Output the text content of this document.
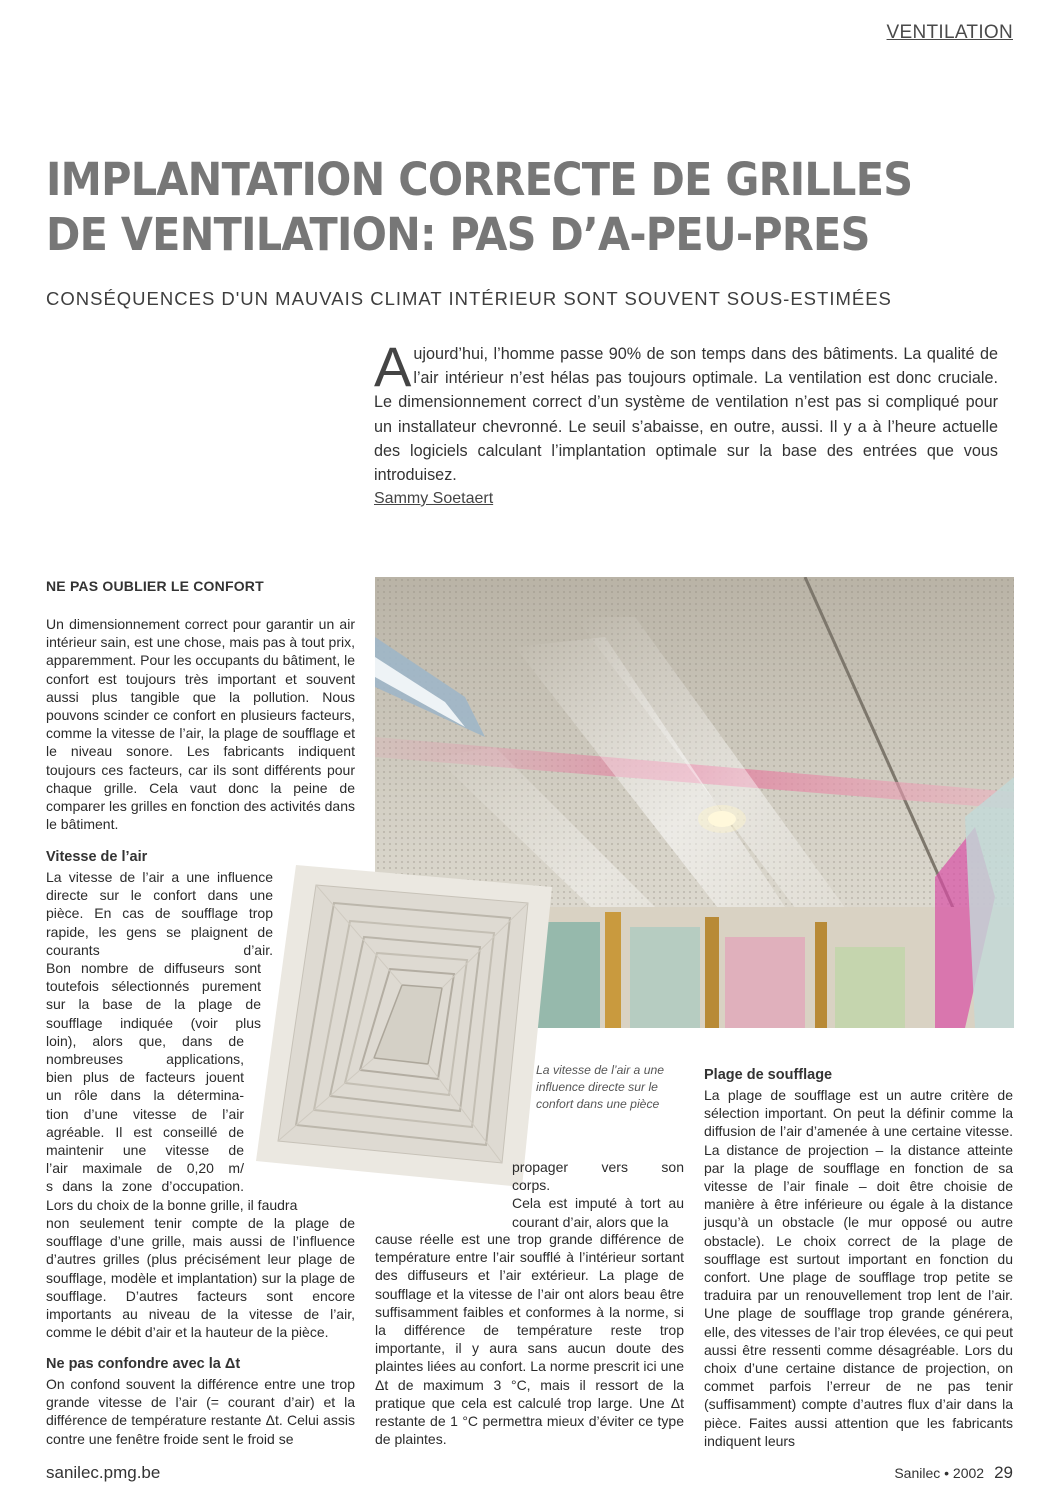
VENTILATION
IMPLANTATION CORRECTE DE GRILLES DE VENTILATION: PAS D’A-PEU-PRES
CONSÉQUENCES D'UN MAUVAIS CLIMAT INTÉRIEUR SONT SOUVENT SOUS-ESTIMÉES

Aujourd’hui, l’homme passe 90% de son temps dans des bâtiments. La qualité de l’air intérieur n’est hélas pas toujours optimale. La ventilation est donc cruciale. Le dimensionnement correct d’un système de ventilation n’est pas si compliqué pour un installateur chevronné. Le seuil s’abaisse, en outre, aussi. Il y a à l’heure actuelle des logiciels calculant l’implantation optimale sur la base des entrées que vous introduisez.

Sammy Soetaert
NE PAS OUBLIER LE CONFORT

Un dimensionnement correct pour garantir un air intérieur sain, est une chose, mais pas à tout prix, apparemment. Pour les occupants du bâtiment, le confort est toujours très important et souvent aussi plus tangible que la pollution. Nous pouvons scinder ce confort en plusieurs facteurs, comme la vitesse de l’air, la plage de soufflage et le niveau sonore. Les fabricants indiquent toujours ces facteurs, car ils sont différents pour chaque grille. Cela vaut donc la peine de comparer les grilles en fonction des activités dans le bâtiment.

Vitesse de l’air
La vitesse de l’air a une influence
directe sur le confort dans une
pièce. En cas de soufflage trop
rapide, les gens se plaignent de
courants d’air.
Bon nombre de diffuseurs sont
toutefois sélectionnés purement
sur la base de la plage de
soufflage indiquée (voir plus
loin), alors que, dans de
nombreuses applications,
bien plus de facteurs jouent
un rôle dans la détermina-
tion d’une vitesse de l’air
agréable. Il est conseillé de
maintenir une vitesse de
l’air maximale de 0,20 m/
s dans la zone d’occupation.
Lors du choix de la bonne grille, il faudra

non seulement tenir compte de la plage de soufflage d’une grille, mais aussi de l’influence d’autres grilles (plus précisément leur plage de soufflage, modèle et implantation) sur la plage de soufflage. D’autres facteurs sont encore importants au niveau de la vitesse de l’air, comme le débit d’air et la hauteur de la pièce.

Ne pas confondre avec la Δt

On confond souvent la différence entre une trop grande vitesse de l’air (= courant d’air) et la différence de température restante Δt. Celui assis contre une fenêtre froide sent le froid se

La vitesse de l’air a une influence directe sur le confort dans une pièce

propager vers son
corps.
Cela est imputé à tort au
courant d’air, alors que la

cause réelle est une trop grande différence de température entre l’air soufflé à l’intérieur sortant des diffuseurs et l’air extérieur. La plage de soufflage et la vitesse de l’air ont alors beau être suffisamment faibles et conformes à la norme, si la différence de température reste trop importante, il y aura sans aucun doute des plaintes liées au confort. La norme prescrit ici une Δt de maximum 3 °C, mais il ressort de la pratique que cela est calculé trop large. Une Δt restante de 1 °C permettra mieux d’éviter ce type de plaintes.

Plage de soufflage

La plage de soufflage est un autre critère de sélection important. On peut la définir comme la diffusion de l’air d’amenée à une certaine vitesse. La distance de projection – la distance atteinte par la plage de soufflage en fonction de sa vitesse de l’air finale – doit être choisie de manière à être inférieure ou égale à la distance jusqu’à un obstacle (le mur opposé ou autre obstacle). Le choix correct de la plage de soufflage est surtout important en fonction du confort. Une plage de soufflage trop petite se traduira par un renouvellement trop lent de l’air. Une plage de soufflage trop grande générera, elle, des vitesses de l’air trop élevées, ce qui peut aussi être ressenti comme désagréable. Lors du choix d’une certaine distance de projection, on commet parfois l’erreur de ne pas tenir (suffisamment) compte d’autres flux d’air dans la pièce. Faites aussi attention que les fabricants indiquent leurs

sanilec.pmg.be	Sanilec • 2002 29
